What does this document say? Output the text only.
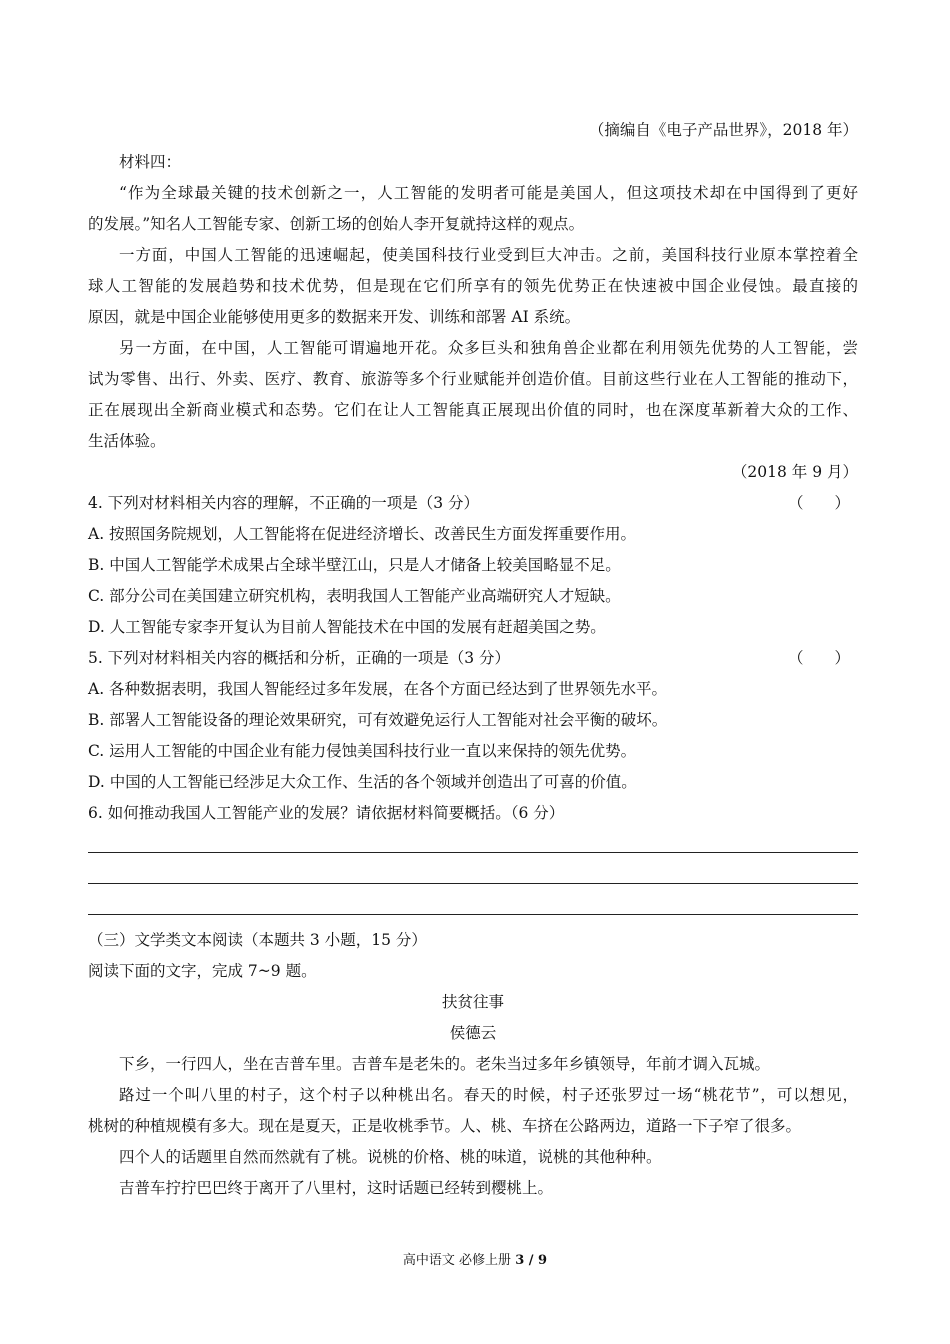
（摘编自《电子产品世界》，2018 年）
材料四：
“作为全球最关键的技术创新之一，人工智能的发明者可能是美国人，但这项技术却在中国得到了更好
的发展。”知名人工智能专家、创新工场的创始人李开复就持这样的观点。
一方面，中国人工智能的迅速崛起，使美国科技行业受到巨大冲击。之前，美国科技行业原本掌控着全
球人工智能的发展趋势和技术优势，但是现在它们所享有的领先优势正在快速被中国企业侵蚀。最直接的
原因，就是中国企业能够使用更多的数据来开发、训练和部署 AI 系统。
另一方面，在中国，人工智能可谓遍地开花。众多巨头和独角兽企业都在利用领先优势的人工智能，尝
试为零售、出行、外卖、医疗、教育、旅游等多个行业赋能并创造价值。目前这些行业在人工智能的推动下，
正在展现出全新商业模式和态势。它们在让人工智能真正展现出价值的同时，也在深度革新着大众的工作、
生活体验。
（2018 年 9 月）
4. 下列对材料相关内容的理解，不正确的一项是（3 分）	（　　）
A. 按照国务院规划，人工智能将在促进经济增长、改善民生方面发挥重要作用。
B. 中国人工智能学术成果占全球半壁江山，只是人才储备上较美国略显不足。
C. 部分公司在美国建立研究机构，表明我国人工智能产业高端研究人才短缺。
D. 人工智能专家李开复认为目前人智能技术在中国的发展有赶超美国之势。
5. 下列对材料相关内容的概括和分析，正确的一项是（3 分）	（　　）
A. 各种数据表明，我国人智能经过多年发展，在各个方面已经达到了世界领先水平。
B. 部署人工智能设备的理论效果研究，可有效避免运行人工智能对社会平衡的破坏。
C. 运用人工智能的中国企业有能力侵蚀美国科技行业一直以来保持的领先优势。
D. 中国的人工智能已经涉足大众工作、生活的各个领域并创造出了可喜的价值。
6. 如何推动我国人工智能产业的发展？请依据材料简要概括。（6 分）
（三）文学类文本阅读（本题共 3 小题，15 分）
阅读下面的文字，完成 7~9 题。
扶贫往事
侯德云
下乡，一行四人，坐在吉普车里。吉普车是老朱的。老朱当过多年乡镇领导，年前才调入瓦城。
路过一个叫八里的村子，这个村子以种桃出名。春天的时候，村子还张罗过一场“桃花节”，可以想见，
桃树的种植规模有多大。现在是夏天，正是收桃季节。人、桃、车挤在公路两边，道路一下子窄了很多。
四个人的话题里自然而然就有了桃。说桃的价格、桃的味道，说桃的其他种种。
吉普车拧拧巴巴终于离开了八里村，这时话题已经转到樱桃上。
高中语文 必修上册 3 / 9
